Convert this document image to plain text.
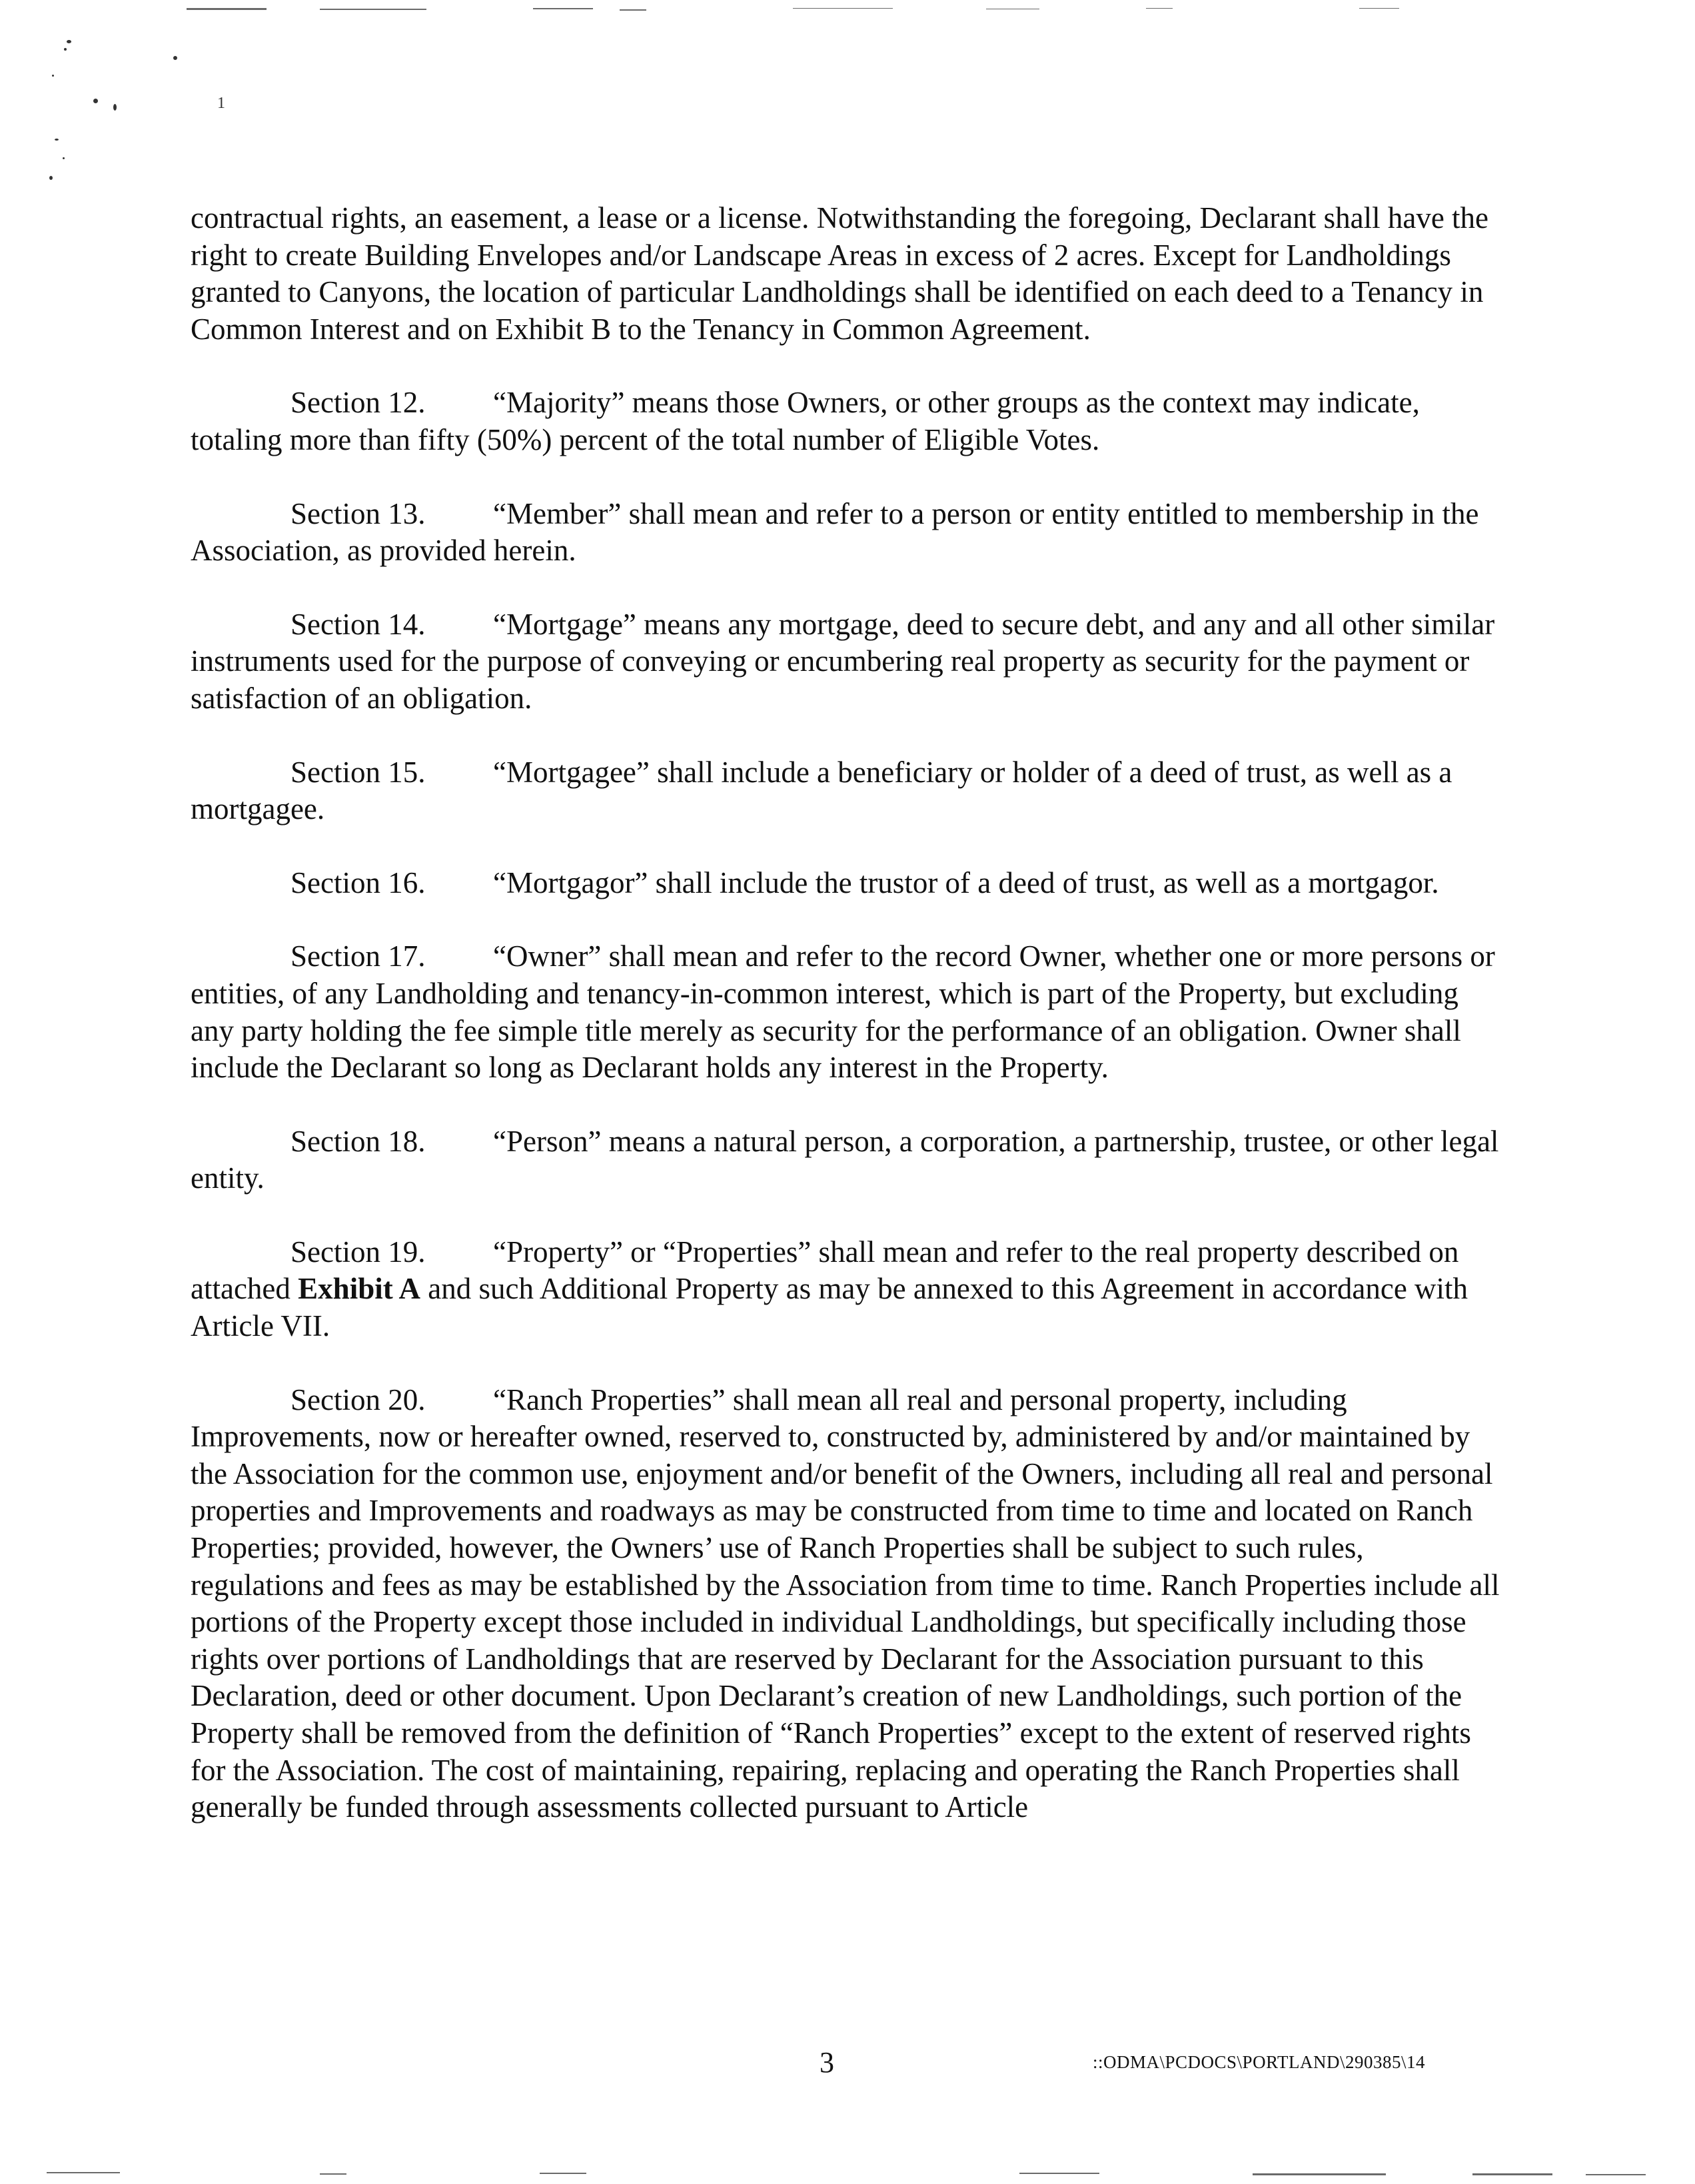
1

contractual rights, an easement, a lease or a license. Notwithstanding the foregoing, Declarant shall have the right to create Building Envelopes and/or Landscape Areas in excess of 2 acres. Except for Landholdings granted to Canyons, the location of particular Landholdings shall be identified on each deed to a Tenancy in Common Interest and on Exhibit B to the Tenancy in Common Agreement.

Section 12. “Majority” means those Owners, or other groups as the context may indicate, totaling more than fifty (50%) percent of the total number of Eligible Votes.

Section 13. “Member” shall mean and refer to a person or entity entitled to membership in the Association, as provided herein.

Section 14. “Mortgage” means any mortgage, deed to secure debt, and any and all other similar instruments used for the purpose of conveying or encumbering real property as security for the payment or satisfaction of an obligation.

Section 15. “Mortgagee” shall include a beneficiary or holder of a deed of trust, as well as a mortgagee.

Section 16. “Mortgagor” shall include the trustor of a deed of trust, as well as a mortgagor.

Section 17. “Owner” shall mean and refer to the record Owner, whether one or more persons or entities, of any Landholding and tenancy-in-common interest, which is part of the Property, but excluding any party holding the fee simple title merely as security for the performance of an obligation. Owner shall include the Declarant so long as Declarant holds any interest in the Property.

Section 18. “Person” means a natural person, a corporation, a partnership, trustee, or other legal entity.

Section 19. “Property” or “Properties” shall mean and refer to the real property described on attached Exhibit A and such Additional Property as may be annexed to this Agreement in accordance with Article VII.

Section 20. “Ranch Properties” shall mean all real and personal property, including Improvements, now or hereafter owned, reserved to, constructed by, administered by and/or maintained by the Association for the common use, enjoyment and/or benefit of the Owners, including all real and personal properties and Improvements and roadways as may be constructed from time to time and located on Ranch Properties; provided, however, the Owners’ use of Ranch Properties shall be subject to such rules, regulations and fees as may be established by the Association from time to time. Ranch Properties include all portions of the Property except those included in individual Landholdings, but specifically including those rights over portions of Landholdings that are reserved by Declarant for the Association pursuant to this Declaration, deed or other document. Upon Declarant’s creation of new Landholdings, such portion of the Property shall be removed from the definition of “Ranch Properties” except to the extent of reserved rights for the Association. The cost of maintaining, repairing, replacing and operating the Ranch Properties shall generally be funded through assessments collected pursuant to Article

3	::ODMA\PCDOCS\PORTLAND\290385\14
